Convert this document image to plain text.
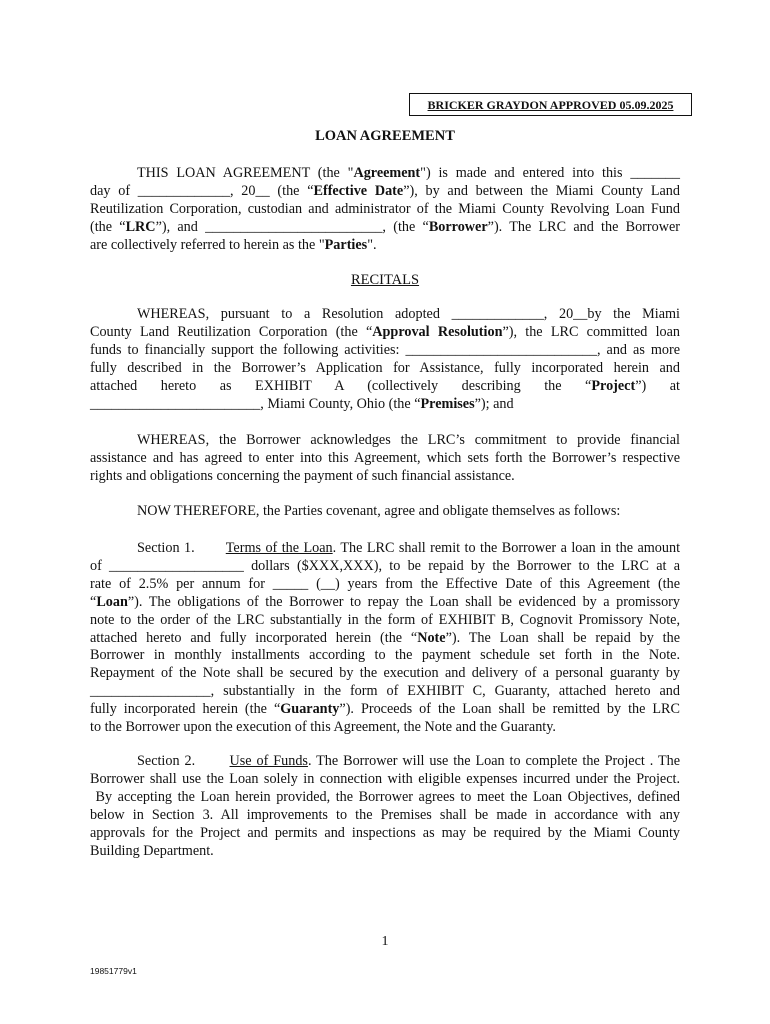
BRICKER GRAYDON APPROVED 05.09.2025
LOAN AGREEMENT
THIS LOAN AGREEMENT (the "Agreement") is made and entered into this _______
day of _____________, 20__ (the “Effective Date”), by and between the Miami County Land
Reutilization Corporation, custodian and administrator of the Miami County Revolving Loan Fund
(the “LRC”), and _________________________, (the “Borrower”). The LRC and the Borrower
are collectively referred to herein as the "Parties".
RECITALS
WHEREAS, pursuant to a Resolution adopted _____________, 20__by the Miami
County Land Reutilization Corporation (the “Approval Resolution”), the LRC committed loan
funds to financially support the following activities: ___________________________, and as more
fully described in the Borrower’s Application for Assistance, fully incorporated herein and
attached    hereto    as    EXHIBIT    A    (collectively    describing    the    “Project”)    at
________________________, Miami County, Ohio (the “Premises”); and
WHEREAS, the Borrower acknowledges the LRC’s commitment to provide financial
assistance and has agreed to enter into this Agreement, which sets forth the Borrower’s respective
rights and obligations concerning the payment of such financial assistance.
NOW THEREFORE, the Parties covenant, agree and obligate themselves as follows:
Section 1. Terms of the Loan. The LRC shall remit to the Borrower a loan in the amount
of ___________________ dollars ($XXX,XXX), to be repaid by the Borrower to the LRC at a
rate of 2.5% per annum for _____ (__) years from the Effective Date of this Agreement (the
“Loan”). The obligations of the Borrower to repay the Loan shall be evidenced by a promissory
note to the order of the LRC substantially in the form of EXHIBIT B, Cognovit Promissory Note,
attached hereto and fully incorporated herein (the “Note”). The Loan shall be repaid by the
Borrower in monthly installments according to the payment schedule set forth in the Note.
Repayment of the Note shall be secured by the execution and delivery of a personal guaranty by
_________________, substantially in the form of EXHIBIT C, Guaranty, attached hereto and
fully incorporated herein (the “Guaranty”). Proceeds of the Loan shall be remitted by the LRC
to the Borrower upon the execution of this Agreement, the Note and the Guaranty.
Section 2. Use of Funds. The Borrower will use the Loan to complete the Project . The
Borrower shall use the Loan solely in connection with eligible expenses incurred under the Project.
By accepting the Loan herein provided, the Borrower agrees to meet the Loan Objectives, defined
below in Section 3. All improvements to the Premises shall be made in accordance with any
approvals for the Project and permits and inspections as may be required by the Miami County
Building Department.
1
19851779v1
